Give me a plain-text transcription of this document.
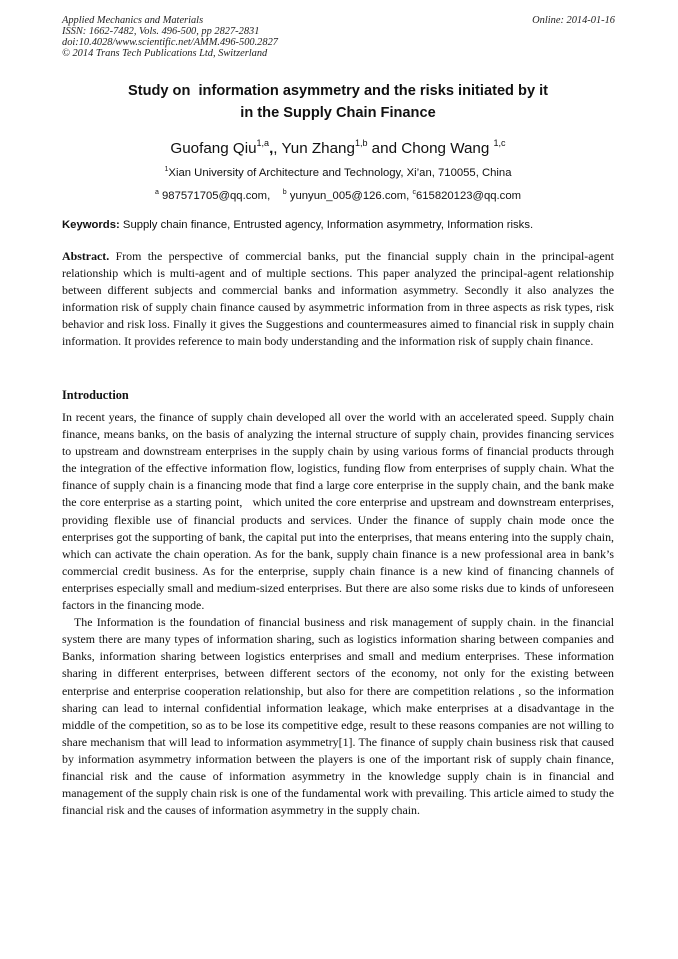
Applied Mechanics and Materials
ISSN: 1662-7482, Vols. 496-500, pp 2827-2831
doi:10.4028/www.scientific.net/AMM.496-500.2827
© 2014 Trans Tech Publications Ltd, Switzerland
Online: 2014-01-16
Study on  information asymmetry and the risks initiated by it
in the Supply Chain Finance
Guofang Qiu$^{1,a}$,, Yun Zhang$^{1,b}$ and Chong Wang $^{1,c}$
$^1$Xian University of Architecture and Technology, Xi’an, 710055, China
$^a$ 987571705@qq.com, $^b$ yunyun_005@126.com, $^c$615820123@qq.com
Keywords: Supply chain finance, Entrusted agency, Information asymmetry, Information risks.
Abstract. From the perspective of commercial banks, put the financial supply chain in the principal-agent relationship which is multi-agent and of multiple sections. This paper analyzed the principal-agent relationship between different subjects and commercial banks and information asymmetry. Secondly it also analyzes the information risk of supply chain finance caused by asymmetric information from in three aspects as risk types, risk behavior and risk loss. Finally it gives the Suggestions and countermeasures aimed to financial risk in supply chain information. It provides reference to main body understanding and the information risk of supply chain finance.
Introduction

In recent years, the finance of supply chain developed all over the world with an accelerated speed. Supply chain finance, means banks, on the basis of analyzing the internal structure of supply chain, provides financing services to upstream and downstream enterprises in the supply chain by using various forms of financial products through the integration of the effective information flow, logistics, funding flow from enterprises of supply chain. What the finance of supply chain is a financing mode that find a large core enterprise in the supply chain, and the bank make the core enterprise as a starting point,   which united the core enterprise and upstream and downstream enterprises, providing flexible use of financial products and services. Under the finance of supply chain mode once the enterprises got the supporting of bank, the capital put into the enterprises, that means entering into the supply chain, which can activate the chain operation. As for the bank, supply chain finance is a new professional area in bank’s commercial credit business. As for the enterprise, supply chain finance is a new kind of financing channels of enterprises especially small and medium-sized enterprises. But there are also some risks due to kinds of unforeseen factors in the financing mode.

The Information is the foundation of financial business and risk management of supply chain. in the financial system there are many types of information sharing, such as logistics information sharing between companies and Banks, information sharing between logistics enterprises and small and medium enterprises. These information sharing in different enterprises, between different sectors of the economy, not only for the existing between enterprise and enterprise cooperation relationship, but also for there are competition relations , so the information sharing can lead to internal confidential information leakage, which make enterprises at a disadvantage in the middle of the competition, so as to be lose its competitive edge, result to these reasons companies are not willing to share mechanism that will lead to information asymmetry[1]. The finance of supply chain business risk that caused by information asymmetry information between the players is one of the important risk of supply chain finance, financial risk and the cause of information asymmetry in the knowledge supply chain is in financial and management of the supply chain risk is one of the fundamental work with prevailing. This article aimed to study the financial risk and the causes of information asymmetry in the supply chain.
